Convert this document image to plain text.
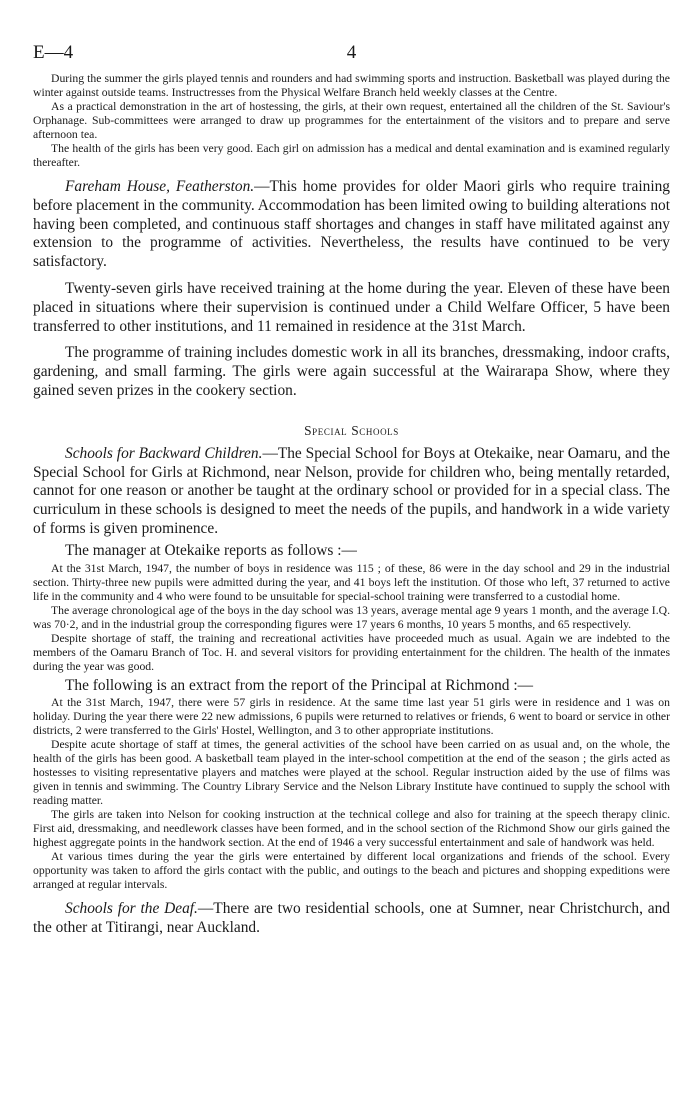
E—4	4

During the summer the girls played tennis and rounders and had swimming sports and instruction. Basketball was played during the winter against outside teams. Instructresses from the Physical Welfare Branch held weekly classes at the Centre.

As a practical demonstration in the art of hostessing, the girls, at their own request, entertained all the children of the St. Saviour's Orphanage. Sub-committees were arranged to draw up programmes for the entertainment of the visitors and to prepare and serve afternoon tea.

The health of the girls has been very good. Each girl on admission has a medical and dental examination and is examined regularly thereafter.

Fareham House, Featherston.—This home provides for older Maori girls who require training before placement in the community. Accommodation has been limited owing to building alterations not having been completed, and continuous staff shortages and changes in staff have militated against any extension to the programme of activities. Nevertheless, the results have continued to be very satisfactory.

Twenty-seven girls have received training at the home during the year. Eleven of these have been placed in situations where their supervision is continued under a Child Welfare Officer, 5 have been transferred to other institutions, and 11 remained in residence at the 31st March.

The programme of training includes domestic work in all its branches, dressmaking, indoor crafts, gardening, and small farming. The girls were again successful at the Wairarapa Show, where they gained seven prizes in the cookery section.

Special Schools

Schools for Backward Children.—The Special School for Boys at Otekaike, near Oamaru, and the Special School for Girls at Richmond, near Nelson, provide for children who, being mentally retarded, cannot for one reason or another be taught at the ordinary school or provided for in a special class. The curriculum in these schools is designed to meet the needs of the pupils, and handwork in a wide variety of forms is given prominence.

The manager at Otekaike reports as follows :—

At the 31st March, 1947, the number of boys in residence was 115 ; of these, 86 were in the day school and 29 in the industrial section. Thirty-three new pupils were admitted during the year, and 41 boys left the institution. Of those who left, 37 returned to active life in the community and 4 who were found to be unsuitable for special-school training were transferred to a custodial home.

The average chronological age of the boys in the day school was 13 years, average mental age 9 years 1 month, and the average I.Q. was 70·2, and in the industrial group the corresponding figures were 17 years 6 months, 10 years 5 months, and 65 respectively.

Despite shortage of staff, the training and recreational activities have proceeded much as usual. Again we are indebted to the members of the Oamaru Branch of Toc. H. and several visitors for providing entertainment for the children. The health of the inmates during the year was good.

The following is an extract from the report of the Principal at Richmond :—

At the 31st March, 1947, there were 57 girls in residence. At the same time last year 51 girls were in residence and 1 was on holiday. During the year there were 22 new admissions, 6 pupils were returned to relatives or friends, 6 went to board or service in other districts, 2 were transferred to the Girls' Hostel, Wellington, and 3 to other appropriate institutions.

Despite acute shortage of staff at times, the general activities of the school have been carried on as usual and, on the whole, the health of the girls has been good. A basketball team played in the inter-school competition at the end of the season ; the girls acted as hostesses to visiting representative players and matches were played at the school. Regular instruction aided by the use of films was given in tennis and swimming. The Country Library Service and the Nelson Library Institute have continued to supply the school with reading matter.

The girls are taken into Nelson for cooking instruction at the technical college and also for training at the speech therapy clinic. First aid, dressmaking, and needlework classes have been formed, and in the school section of the Richmond Show our girls gained the highest aggregate points in the handwork section. At the end of 1946 a very successful entertainment and sale of handwork was held.

At various times during the year the girls were entertained by different local organizations and friends of the school. Every opportunity was taken to afford the girls contact with the public, and outings to the beach and pictures and shopping expeditions were arranged at regular intervals.

Schools for the Deaf.—There are two residential schools, one at Sumner, near Christchurch, and the other at Titirangi, near Auckland.
